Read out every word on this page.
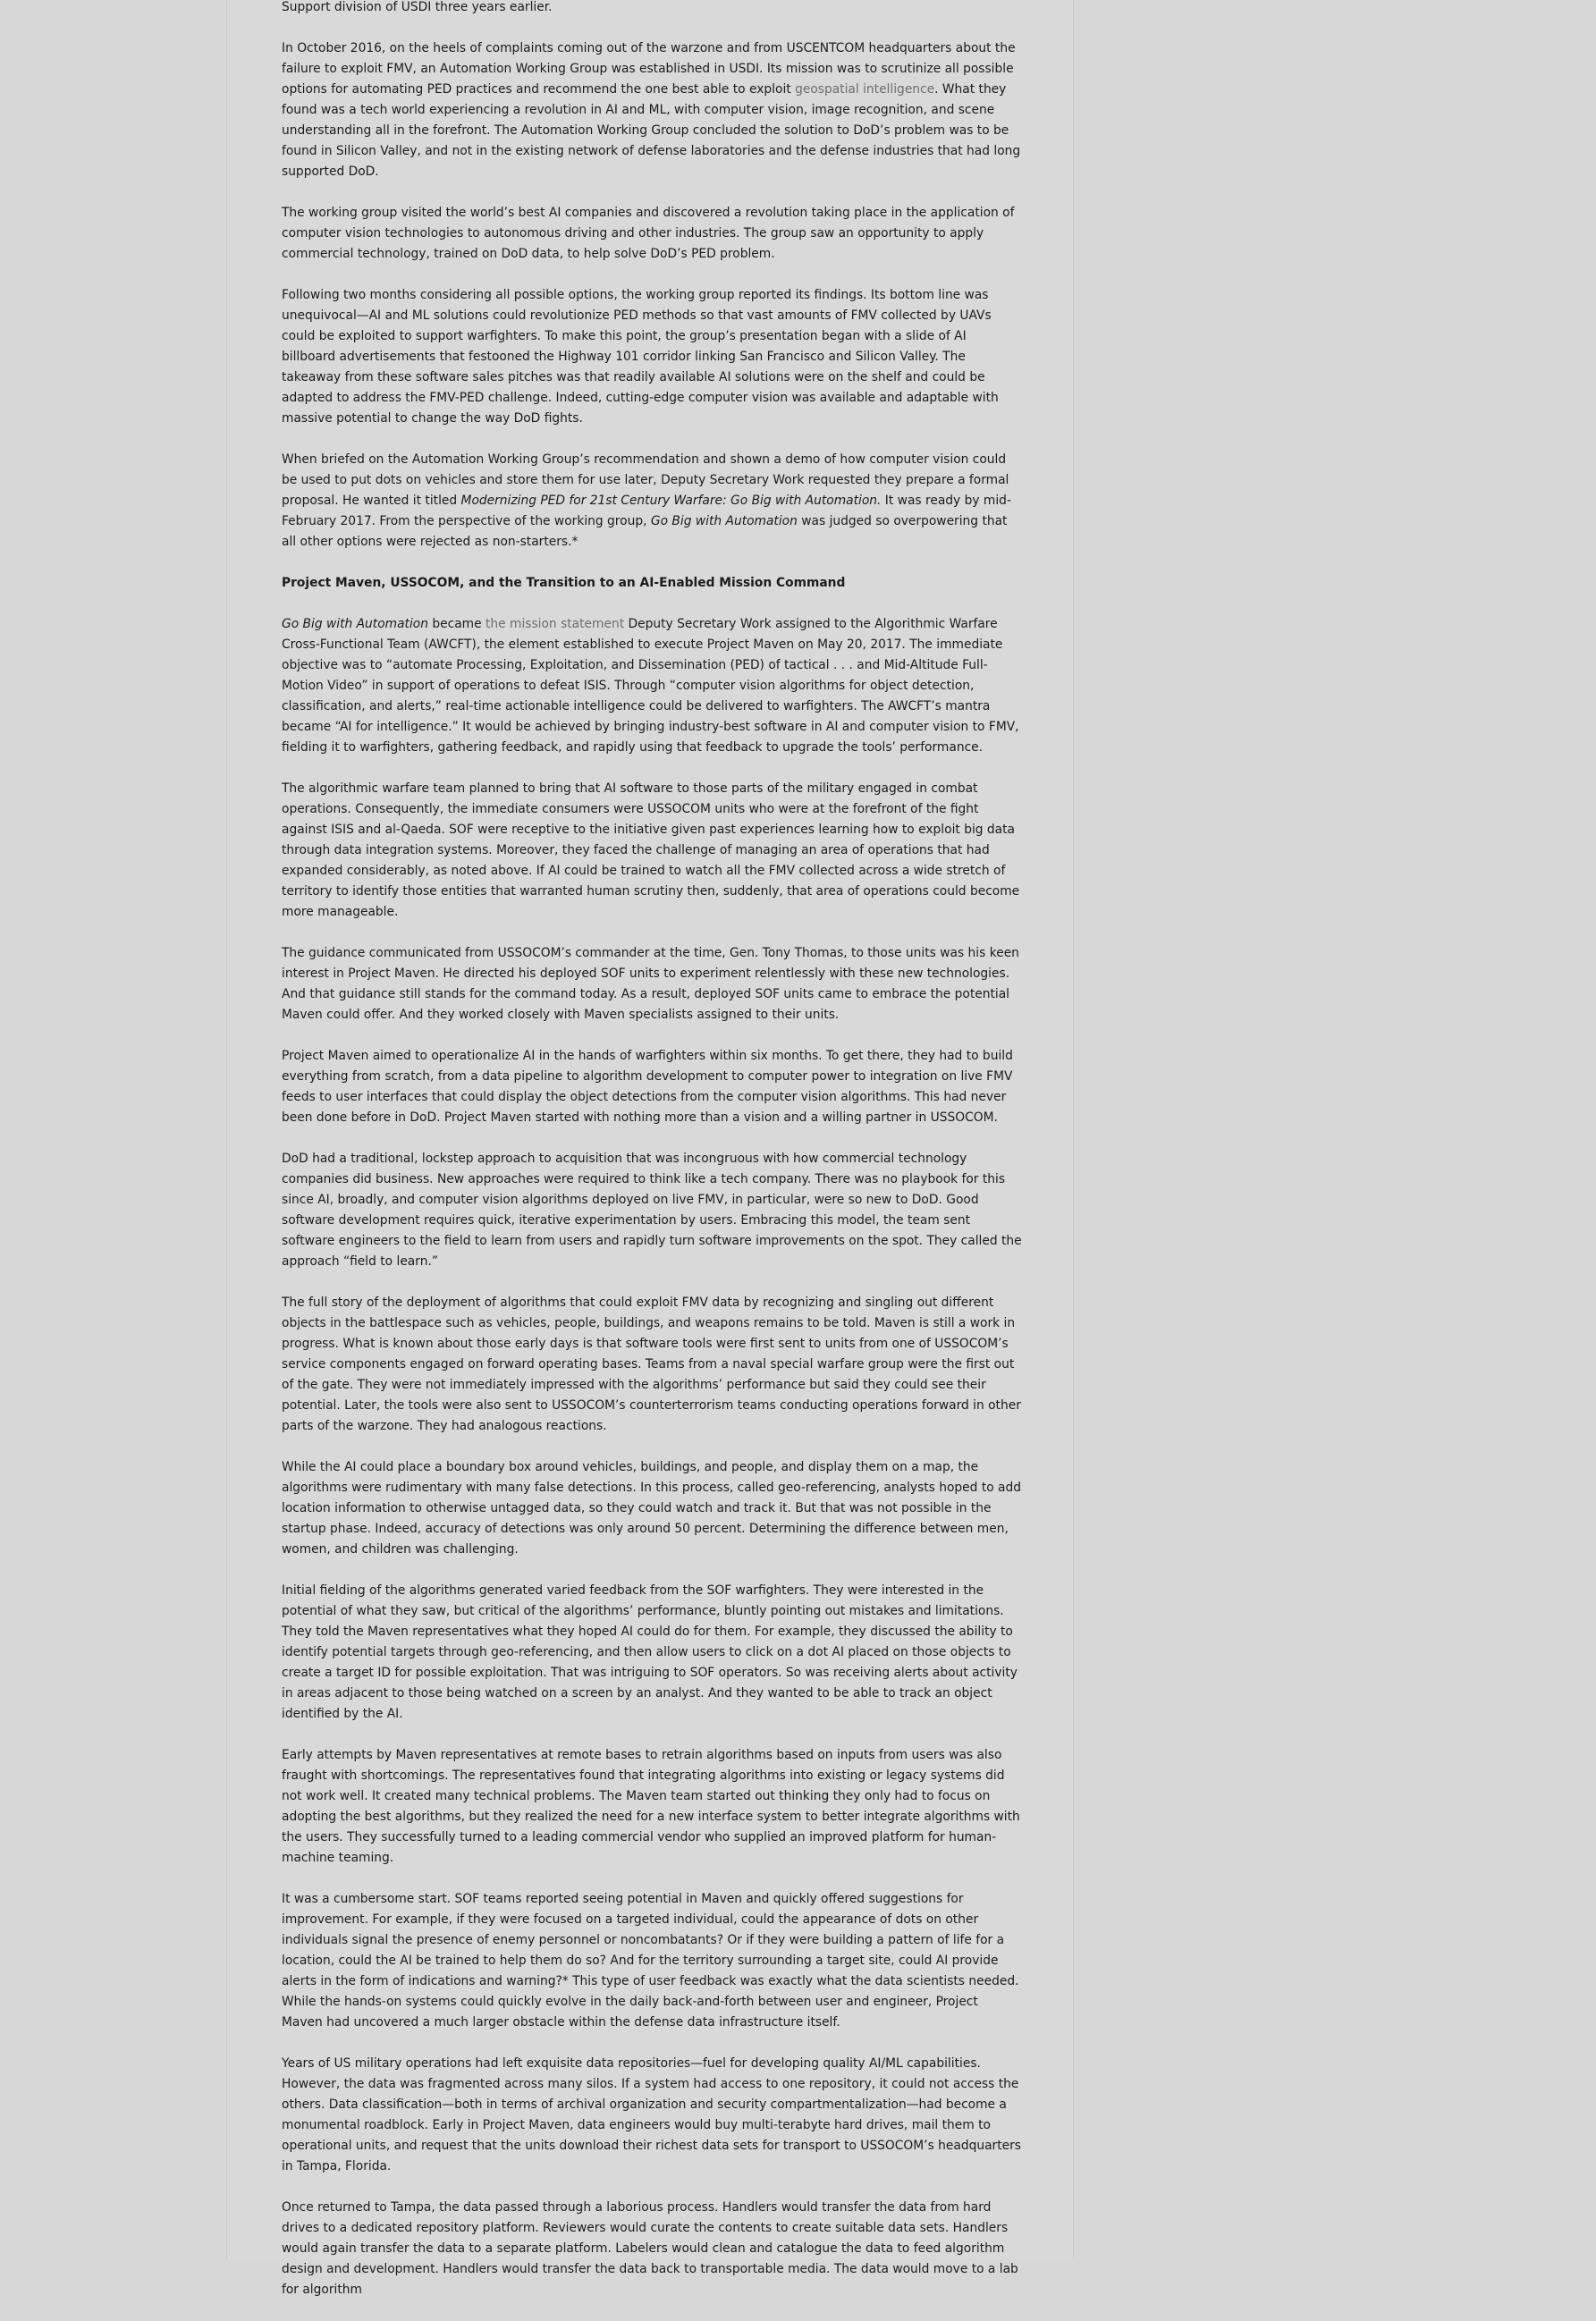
Support division of USDI three years earlier.

In October 2016, on the heels of complaints coming out of the warzone and from USCENTCOM headquarters about the failure to exploit FMV, an Automation Working Group was established in USDI. Its mission was to scrutinize all possible options for automating PED practices and recommend the one best able to exploit geospatial intelligence. What they found was a tech world experiencing a revolution in AI and ML, with computer vision, image recognition, and scene understanding all in the forefront. The Automation Working Group concluded the solution to DoD’s problem was to be found in Silicon Valley, and not in the existing network of defense laboratories and the defense industries that had long supported DoD.

The working group visited the world’s best AI companies and discovered a revolution taking place in the application of computer vision technologies to autonomous driving and other industries. The group saw an opportunity to apply commercial technology, trained on DoD data, to help solve DoD’s PED problem.

Following two months considering all possible options, the working group reported its findings. Its bottom line was unequivocal—AI and ML solutions could revolutionize PED methods so that vast amounts of FMV collected by UAVs could be exploited to support warfighters. To make this point, the group’s presentation began with a slide of AI billboard advertisements that festooned the Highway 101 corridor linking San Francisco and Silicon Valley. The takeaway from these software sales pitches was that readily available AI solutions were on the shelf and could be adapted to address the FMV-PED challenge. Indeed, cutting-edge computer vision was available and adaptable with massive potential to change the way DoD fights.

When briefed on the Automation Working Group’s recommendation and shown a demo of how computer vision could be used to put dots on vehicles and store them for use later, Deputy Secretary Work requested they prepare a formal proposal. He wanted it titled Modernizing PED for 21st Century Warfare: Go Big with Automation. It was ready by mid-February 2017. From the perspective of the working group, Go Big with Automation was judged so overpowering that all other options were rejected as non-starters.*

Project Maven, USSOCOM, and the Transition to an AI-Enabled Mission Command

Go Big with Automation became the mission statement Deputy Secretary Work assigned to the Algorithmic Warfare Cross-Functional Team (AWCFT), the element established to execute Project Maven on May 20, 2017. The immediate objective was to “automate Processing, Exploitation, and Dissemination (PED) of tactical . . . and Mid-Altitude Full-Motion Video” in support of operations to defeat ISIS. Through “computer vision algorithms for object detection, classification, and alerts,” real-time actionable intelligence could be delivered to warfighters. The AWCFT’s mantra became “AI for intelligence.” It would be achieved by bringing industry-best software in AI and computer vision to FMV, fielding it to warfighters, gathering feedback, and rapidly using that feedback to upgrade the tools’ performance.

The algorithmic warfare team planned to bring that AI software to those parts of the military engaged in combat operations. Consequently, the immediate consumers were USSOCOM units who were at the forefront of the fight against ISIS and al-Qaeda. SOF were receptive to the initiative given past experiences learning how to exploit big data through data integration systems. Moreover, they faced the challenge of managing an area of operations that had expanded considerably, as noted above. If AI could be trained to watch all the FMV collected across a wide stretch of territory to identify those entities that warranted human scrutiny then, suddenly, that area of operations could become more manageable.

The guidance communicated from USSOCOM’s commander at the time, Gen. Tony Thomas, to those units was his keen interest in Project Maven. He directed his deployed SOF units to experiment relentlessly with these new technologies. And that guidance still stands for the command today. As a result, deployed SOF units came to embrace the potential Maven could offer. And they worked closely with Maven specialists assigned to their units.

Project Maven aimed to operationalize AI in the hands of warfighters within six months. To get there, they had to build everything from scratch, from a data pipeline to algorithm development to computer power to integration on live FMV feeds to user interfaces that could display the object detections from the computer vision algorithms. This had never been done before in DoD. Project Maven started with nothing more than a vision and a willing partner in USSOCOM.

DoD had a traditional, lockstep approach to acquisition that was incongruous with how commercial technology companies did business. New approaches were required to think like a tech company. There was no playbook for this since AI, broadly, and computer vision algorithms deployed on live FMV, in particular, were so new to DoD. Good software development requires quick, iterative experimentation by users. Embracing this model, the team sent software engineers to the field to learn from users and rapidly turn software improvements on the spot. They called the approach “field to learn.”

The full story of the deployment of algorithms that could exploit FMV data by recognizing and singling out different objects in the battlespace such as vehicles, people, buildings, and weapons remains to be told. Maven is still a work in progress. What is known about those early days is that software tools were first sent to units from one of USSOCOM’s service components engaged on forward operating bases. Teams from a naval special warfare group were the first out of the gate. They were not immediately impressed with the algorithms’ performance but said they could see their potential. Later, the tools were also sent to USSOCOM’s counterterrorism teams conducting operations forward in other parts of the warzone. They had analogous reactions.

While the AI could place a boundary box around vehicles, buildings, and people, and display them on a map, the algorithms were rudimentary with many false detections. In this process, called geo-referencing, analysts hoped to add location information to otherwise untagged data, so they could watch and track it. But that was not possible in the startup phase. Indeed, accuracy of detections was only around 50 percent. Determining the difference between men, women, and children was challenging.

Initial fielding of the algorithms generated varied feedback from the SOF warfighters. They were interested in the potential of what they saw, but critical of the algorithms’ performance, bluntly pointing out mistakes and limitations. They told the Maven representatives what they hoped AI could do for them. For example, they discussed the ability to identify potential targets through geo-referencing, and then allow users to click on a dot AI placed on those objects to create a target ID for possible exploitation. That was intriguing to SOF operators. So was receiving alerts about activity in areas adjacent to those being watched on a screen by an analyst. And they wanted to be able to track an object identified by the AI.

Early attempts by Maven representatives at remote bases to retrain algorithms based on inputs from users was also fraught with shortcomings. The representatives found that integrating algorithms into existing or legacy systems did not work well. It created many technical problems. The Maven team started out thinking they only had to focus on adopting the best algorithms, but they realized the need for a new interface system to better integrate algorithms with the users. They successfully turned to a leading commercial vendor who supplied an improved platform for human-machine teaming.

It was a cumbersome start. SOF teams reported seeing potential in Maven and quickly offered suggestions for improvement. For example, if they were focused on a targeted individual, could the appearance of dots on other individuals signal the presence of enemy personnel or noncombatants? Or if they were building a pattern of life for a location, could the AI be trained to help them do so? And for the territory surrounding a target site, could AI provide alerts in the form of indications and warning?* This type of user feedback was exactly what the data scientists needed. While the hands-on systems could quickly evolve in the daily back-and-forth between user and engineer, Project Maven had uncovered a much larger obstacle within the defense data infrastructure itself.

Years of US military operations had left exquisite data repositories—fuel for developing quality AI/ML capabilities. However, the data was fragmented across many silos. If a system had access to one repository, it could not access the others. Data classification—both in terms of archival organization and security compartmentalization—had become a monumental roadblock. Early in Project Maven, data engineers would buy multi-terabyte hard drives, mail them to operational units, and request that the units download their richest data sets for transport to USSOCOM’s headquarters in Tampa, Florida.

Once returned to Tampa, the data passed through a laborious process. Handlers would transfer the data from hard drives to a dedicated repository platform. Reviewers would curate the contents to create suitable data sets. Handlers would again transfer the data to a separate platform. Labelers would clean and catalogue the data to feed algorithm design and development. Handlers would transfer the data back to transportable media. The data would move to a lab for algorithm
